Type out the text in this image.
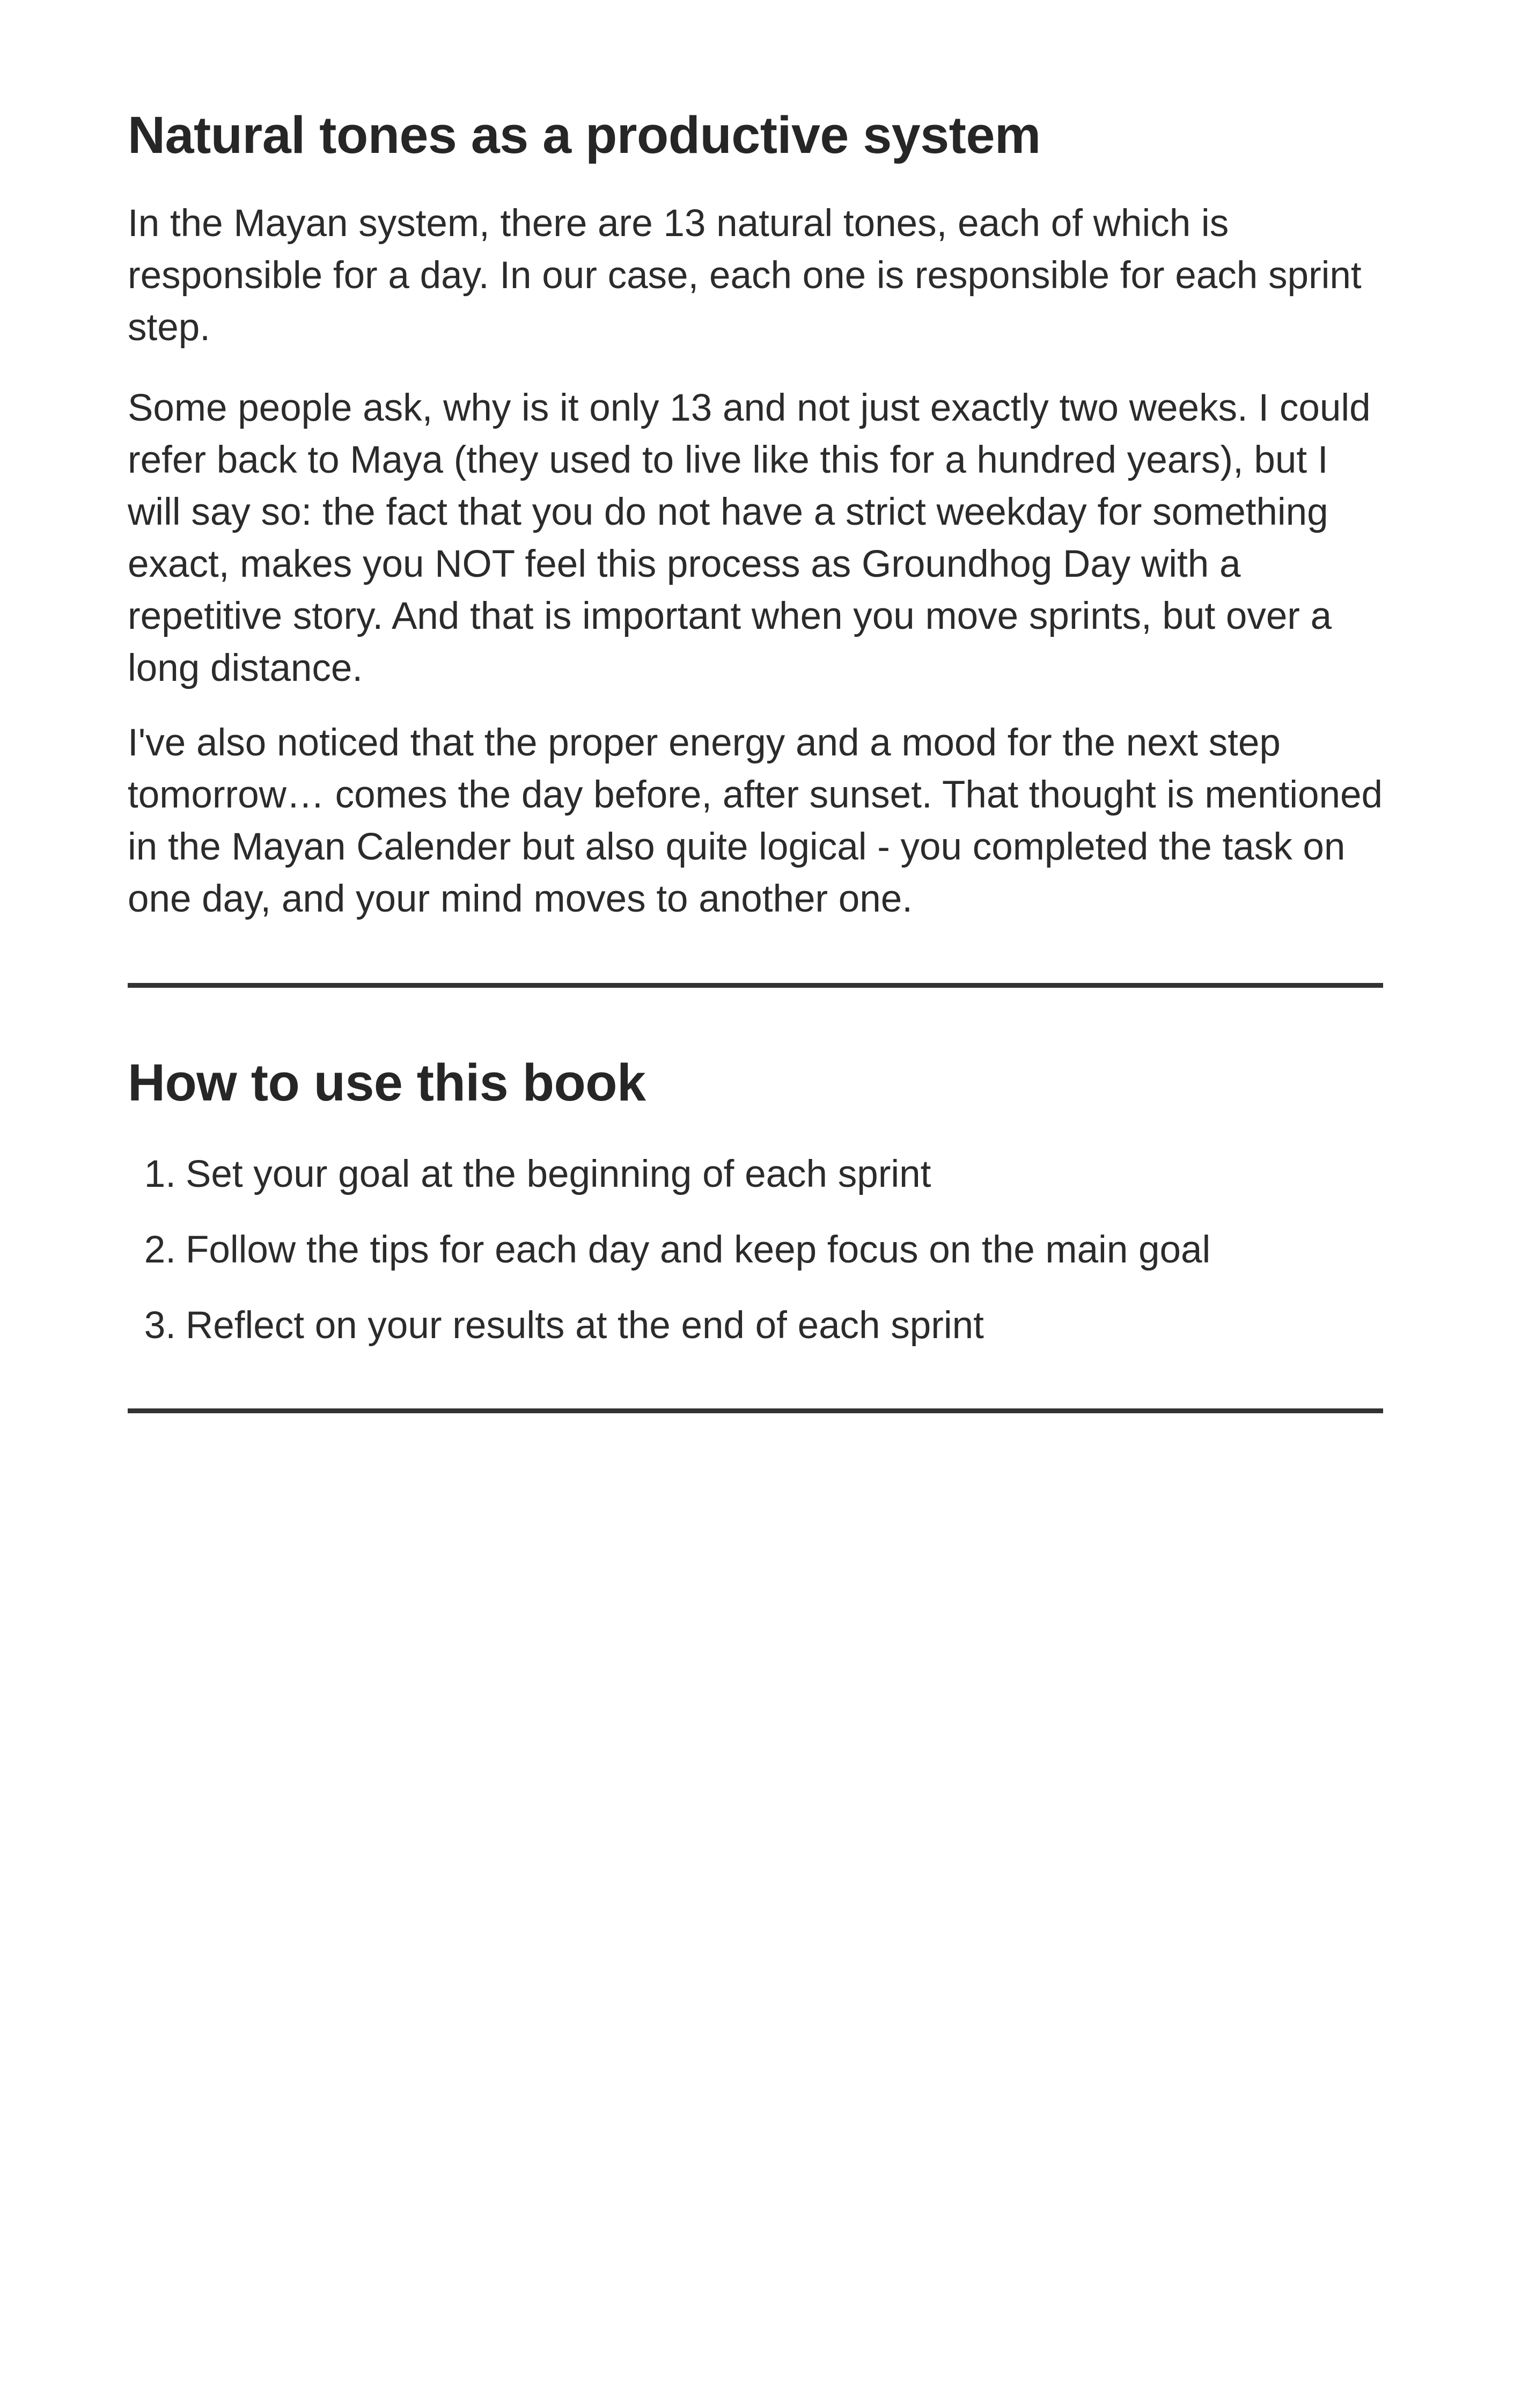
Natural tones as a productive system

In the Mayan system, there are 13 natural tones, each of which is responsible for a day. In our case, each one is responsible for each sprint step.

Some people ask, why is it only 13 and not just exactly two weeks. I could refer back to Maya (they used to live like this for a hundred years), but I will say so: the fact that you do not have a strict weekday for something exact, makes you NOT feel this process as Groundhog Day with a repetitive story. And that is important when you move sprints, but over a long distance.

I've also noticed that the proper energy and a mood for the next step tomorrow… comes the day before, after sunset. That thought is mentioned in the Mayan Calender but also quite logical - you completed the task on one day, and your mind moves to another one.

How to use this book
1. Set your goal at the beginning of each sprint
2. Follow the tips for each day and keep focus on the main goal
3. Reflect on your results at the end of each sprint
